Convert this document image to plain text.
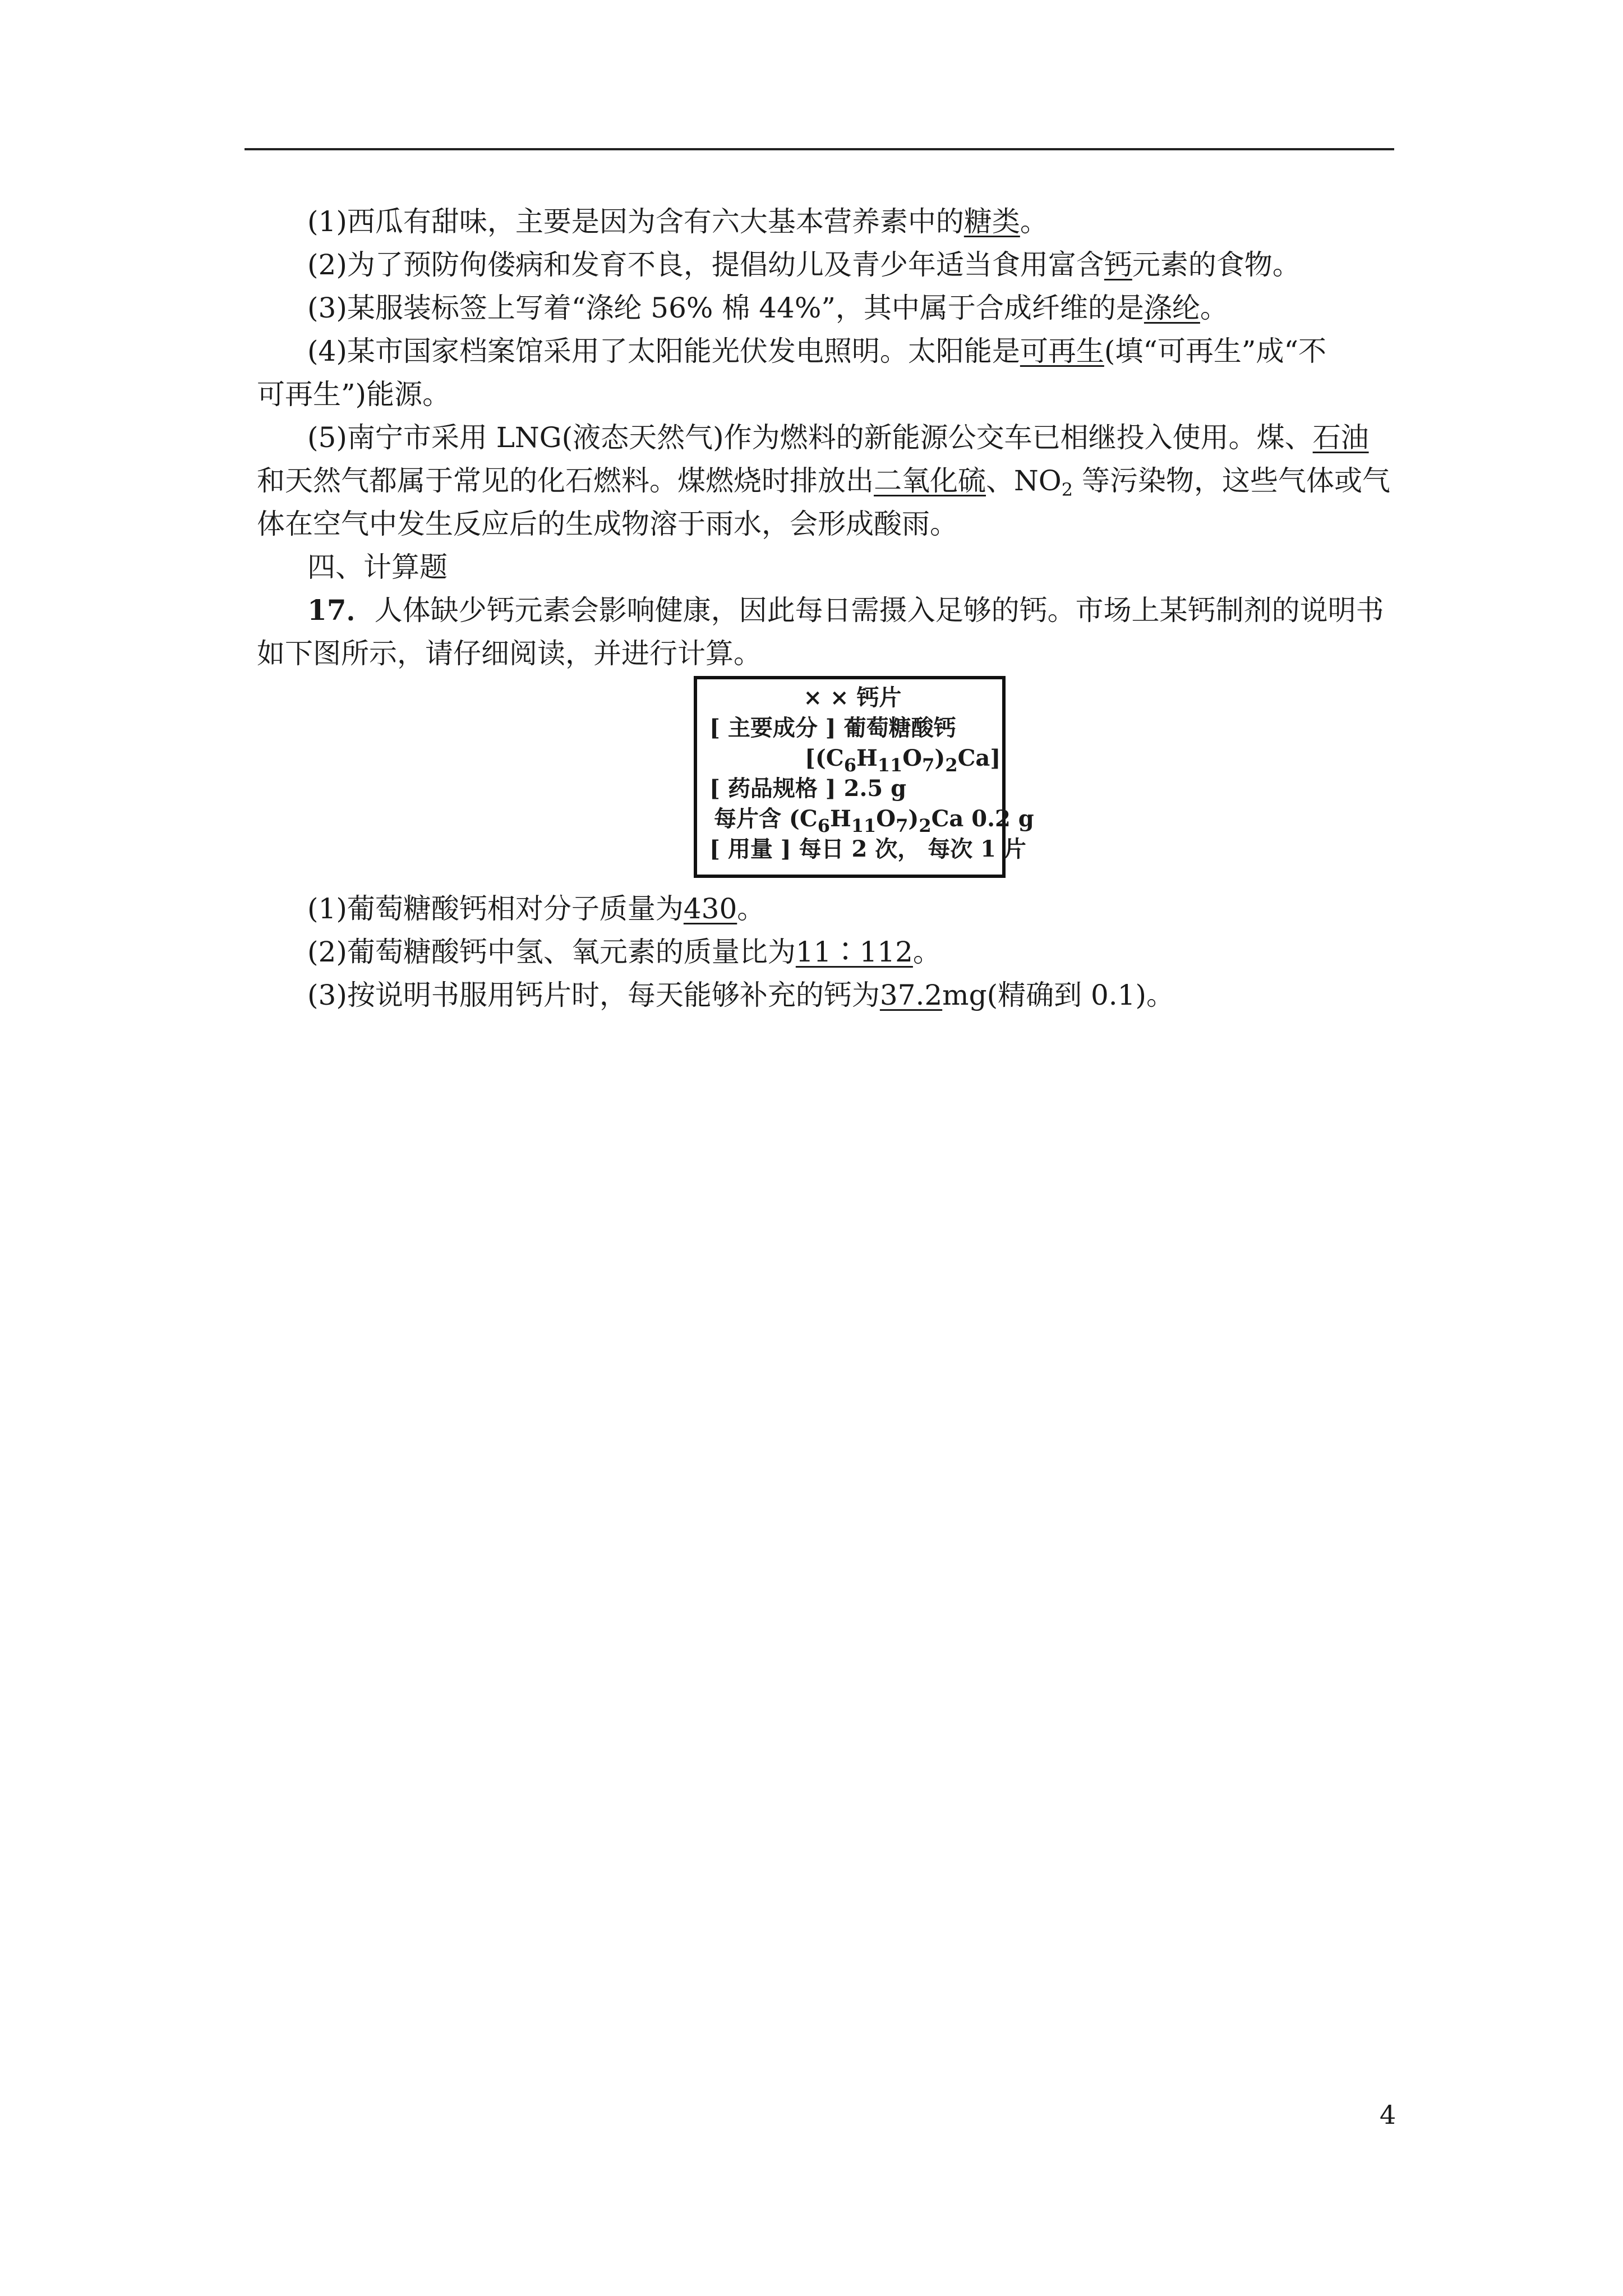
(1)西瓜有甜味，主要是因为含有六大基本营养素中的糖类。
(2)为了预防佝偻病和发育不良，提倡幼儿及青少年适当食用富含钙元素的食物。
(3)某服装标签上写着“涤纶 56% 棉 44%”，其中属于合成纤维的是涤纶。
(4)某市国家档案馆采用了太阳能光伏发电照明。太阳能是可再生(填“可再生”成“不
可再生”)能源。
(5)南宁市采用 LNG(液态天然气)作为燃料的新能源公交车已相继投入使用。煤、石油
和天然气都属于常见的化石燃料。煤燃烧时排放出二氧化硫、$NO_2$ 等污染物，这些气体或气
体在空气中发生反应后的生成物溶于雨水，会形成酸雨。
四、计算题
17．人体缺少钙元素会影响健康，因此每日需摄入足够的钙。市场上某钙制剂的说明书
如下图所示，请仔细阅读，并进行计算。
× × 钙片
[ 主要成分 ] 葡萄糖酸钙
$[(C_6H_{11}O_7)_2Ca]$
[ 药品规格 ] 2.5 g
每片含 $(C_6H_{11}O_7)_2Ca$ 0.2 g
[ 用量 ] 每日 2 次， 每次 1 片
(1)葡萄糖酸钙相对分子质量为430。
(2)葡萄糖酸钙中氢、氧元素的质量比为11∶112。
(3)按说明书服用钙片时，每天能够补充的钙为37.2mg(精确到 0.1)。
4
